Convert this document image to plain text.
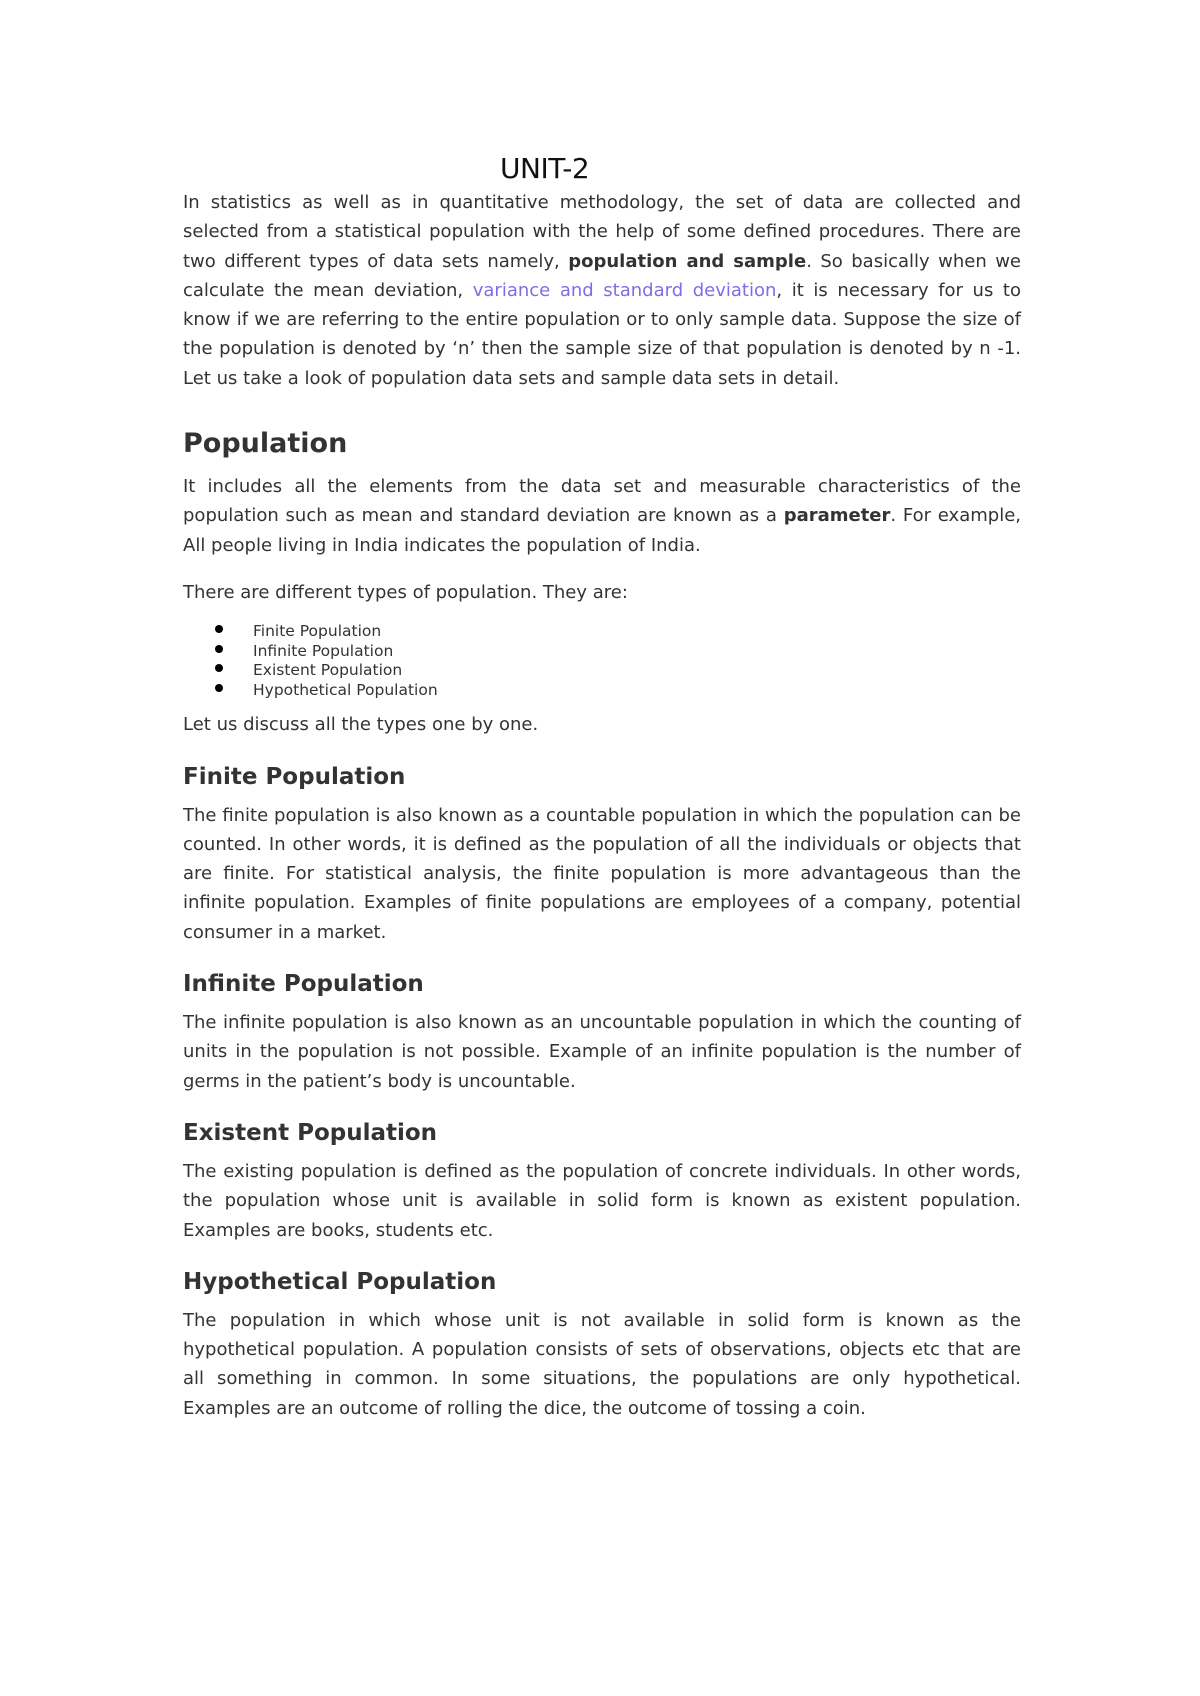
UNIT-2

In statistics as well as in quantitative methodology, the set of data are collected and selected from a statistical population with the help of some defined procedures. There are two different types of data sets namely, population and sample. So basically when we calculate the mean deviation, variance and standard deviation, it is necessary for us to know if we are referring to the entire population or to only sample data. Suppose the size of the population is denoted by ‘n’ then the sample size of that population is denoted by n -1. Let us take a look of population data sets and sample data sets in detail.

Population

It includes all the elements from the data set and measurable characteristics of the population such as mean and standard deviation are known as a parameter. For example, All people living in India indicates the population of India.

There are different types of population. They are:

Finite Population
Infinite Population
Existent Population
Hypothetical Population

Let us discuss all the types one by one.

Finite Population

The finite population is also known as a countable population in which the population can be counted. In other words, it is defined as the population of all the individuals or objects that are finite. For statistical analysis, the finite population is more advantageous than the infinite population. Examples of finite populations are employees of a company, potential consumer in a market.

Infinite Population

The infinite population is also known as an uncountable population in which the counting of units in the population is not possible. Example of an infinite population is the number of germs in the patient’s body is uncountable.

Existent Population

The existing population is defined as the population of concrete individuals. In other words, the population whose unit is available in solid form is known as existent population. Examples are books, students etc.

Hypothetical Population

The population in which whose unit is not available in solid form is known as the hypothetical population. A population consists of sets of observations, objects etc that are all something in common. In some situations, the populations are only hypothetical. Examples are an outcome of rolling the dice, the outcome of tossing a coin.
